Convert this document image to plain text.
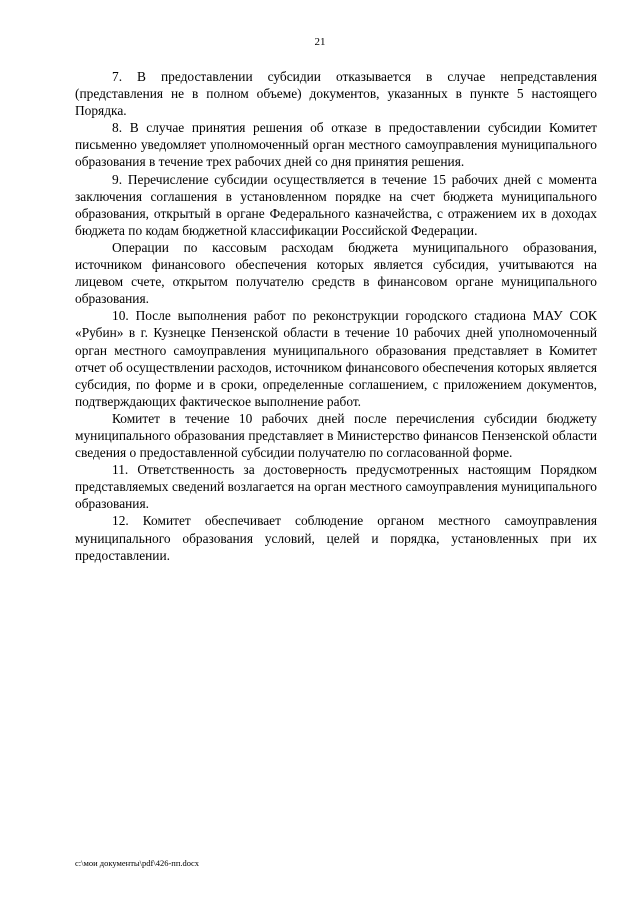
21

7. В предоставлении субсидии отказывается в случае непредставления (представления не в полном объеме) документов, указанных в пункте 5 настоящего Порядка.

8. В случае принятия решения об отказе в предоставлении субсидии Комитет письменно уведомляет уполномоченный орган местного самоуправления муниципального образования в течение трех рабочих дней со дня принятия решения.

9. Перечисление субсидии осуществляется в течение 15 рабочих дней с момента заключения соглашения в установленном порядке на счет бюджета муниципального образования, открытый в органе Федерального казначейства, с отражением их в доходах бюджета по кодам бюджетной классификации Российской Федерации.

Операции по кассовым расходам бюджета муниципального образования, источником финансового обеспечения которых является субсидия, учитываются на лицевом счете, открытом получателю средств в финансовом органе муниципального образования.

10. После выполнения работ по реконструкции городского стадиона МАУ СОК «Рубин» в г. Кузнецке Пензенской области в течение 10 рабочих дней уполномоченный орган местного самоуправления муниципального образования представляет в Комитет отчет об осуществлении расходов, источником финансового обеспечения которых является субсидия, по форме и в сроки, определенные соглашением, с приложением документов, подтверждающих фактическое выполнение работ.

Комитет в течение 10 рабочих дней после перечисления субсидии бюджету муниципального образования представляет в Министерство финансов Пензенской области сведения о предоставленной субсидии получателю по согласованной форме.

11. Ответственность за достоверность предусмотренных настоящим Порядком представляемых сведений возлагается на орган местного самоуправления муниципального образования.

12. Комитет обеспечивает соблюдение органом местного самоуправления муниципального образования условий, целей и порядка, установленных при их предоставлении.

c:\мои документы\pdf\426-пп.docx
